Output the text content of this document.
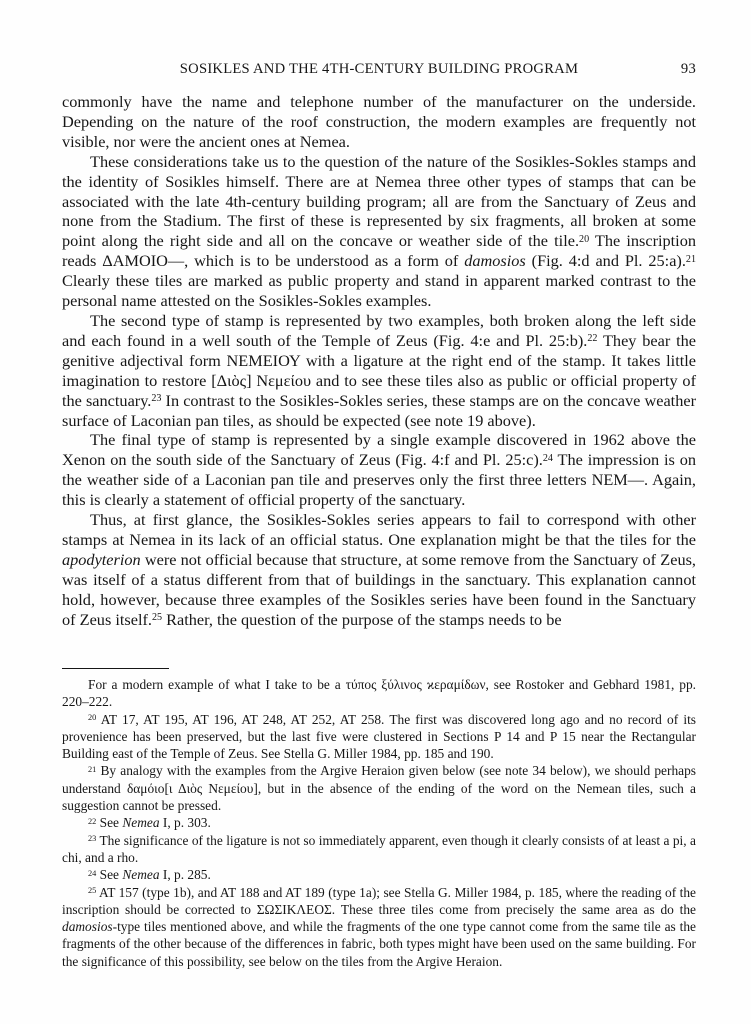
SOSIKLES AND THE 4TH-CENTURY BUILDING PROGRAM	93

commonly have the name and telephone number of the manufacturer on the underside. Depending on the nature of the roof construction, the modern examples are frequently not visible, nor were the ancient ones at Nemea.

These considerations take us to the question of the nature of the Sosikles-Sokles stamps and the identity of Sosikles himself. There are at Nemea three other types of stamps that can be associated with the late 4th-century building program; all are from the Sanctuary of Zeus and none from the Stadium. The first of these is represented by six fragments, all broken at some point along the right side and all on the concave or weather side of the tile.$^{20}$ The inscription reads ΔΑΜΟΙΟ—, which is to be understood as a form of damosios (Fig. 4:d and Pl. 25:a).$^{21}$ Clearly these tiles are marked as public property and stand in apparent marked contrast to the personal name attested on the Sosikles-Sokles examples.

The second type of stamp is represented by two examples, both broken along the left side and each found in a well south of the Temple of Zeus (Fig. 4:e and Pl. 25:b).$^{22}$ They bear the genitive adjectival form ΝΕΜΕΙΟΥ with a ligature at the right end of the stamp. It takes little imagination to restore [Διὸς] Νεμείου and to see these tiles also as public or official property of the sanctuary.$^{23}$ In contrast to the Sosikles-Sokles series, these stamps are on the concave weather surface of Laconian pan tiles, as should be expected (see note 19 above).

The final type of stamp is represented by a single example discovered in 1962 above the Xenon on the south side of the Sanctuary of Zeus (Fig. 4:f and Pl. 25:c).$^{24}$ The impression is on the weather side of a Laconian pan tile and preserves only the first three letters NEM—. Again, this is clearly a statement of official property of the sanctuary.

Thus, at first glance, the Sosikles-Sokles series appears to fail to correspond with other stamps at Nemea in its lack of an official status. One explanation might be that the tiles for the apodyterion were not official because that structure, at some remove from the Sanctuary of Zeus, was itself of a status different from that of buildings in the sanctuary. This explanation cannot hold, however, because three examples of the Sosikles series have been found in the Sanctuary of Zeus itself.$^{25}$ Rather, the question of the purpose of the stamps needs to be

For a modern example of what I take to be a τύπος ξύλινος ϰεραμίδων, see Rostoker and Gebhard 1981, pp. 220–222.

$^{20}$ AT 17, AT 195, AT 196, AT 248, AT 252, AT 258. The first was discovered long ago and no record of its provenience has been preserved, but the last five were clustered in Sections P 14 and P 15 near the Rectangular Building east of the Temple of Zeus. See Stella G. Miller 1984, pp. 185 and 190.

$^{21}$ By analogy with the examples from the Argive Heraion given below (see note 34 below), we should perhaps understand δαμόιο[ι Διὸς Νεμείου], but in the absence of the ending of the word on the Nemean tiles, such a suggestion cannot be pressed.

$^{22}$ See Nemea I, p. 303.

$^{23}$ The significance of the ligature is not so immediately apparent, even though it clearly consists of at least a pi, a chi, and a rho.

$^{24}$ See Nemea I, p. 285.

$^{25}$ AT 157 (type 1b), and AT 188 and AT 189 (type 1a); see Stella G. Miller 1984, p. 185, where the reading of the inscription should be corrected to ΣΩΣΙΚΛΕΟΣ. These three tiles come from precisely the same area as do the damosios-type tiles mentioned above, and while the fragments of the one type cannot come from the same tile as the fragments of the other because of the differences in fabric, both types might have been used on the same building. For the significance of this possibility, see below on the tiles from the Argive Heraion.
